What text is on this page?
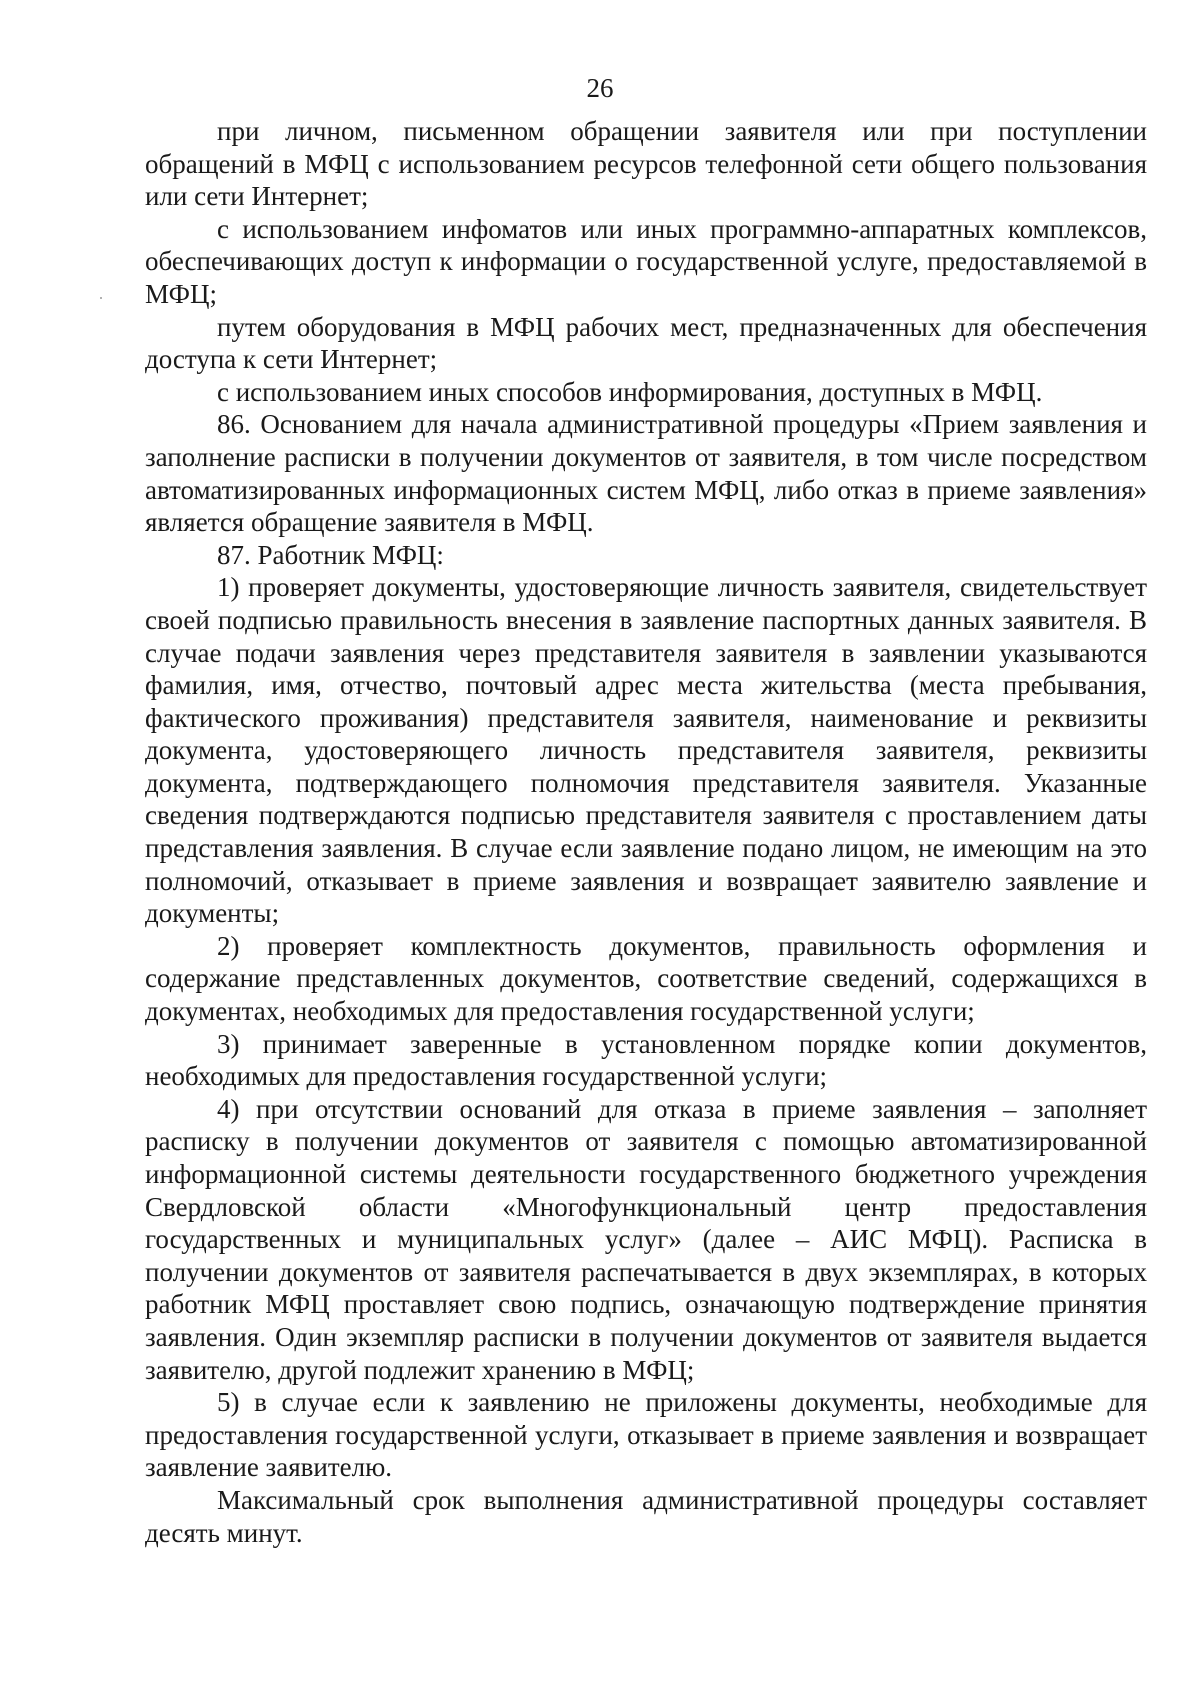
26

при личном, письменном обращении заявителя или при поступлении обращений в МФЦ с использованием ресурсов телефонной сети общего пользования или сети Интернет;

с использованием инфоматов или иных программно-аппаратных комплексов, обеспечивающих доступ к информации о государственной услуге, предоставляемой в МФЦ;

путем оборудования в МФЦ рабочих мест, предназначенных для обеспечения доступа к сети Интернет;

с использованием иных способов информирования, доступных в МФЦ.

86. Основанием для начала административной процедуры «Прием заявления и заполнение расписки в получении документов от заявителя, в том числе посредством автоматизированных информационных систем МФЦ, либо отказ в приеме заявления» является обращение заявителя в МФЦ.

87. Работник МФЦ:

1) проверяет документы, удостоверяющие личность заявителя, свидетельствует своей подписью правильность внесения в заявление паспортных данных заявителя. В случае подачи заявления через представителя заявителя в заявлении указываются фамилия, имя, отчество, почтовый адрес места жительства (места пребывания, фактического проживания) представителя заявителя, наименование и реквизиты документа, удостоверяющего личность представителя заявителя, реквизиты документа, подтверждающего полномочия представителя заявителя. Указанные сведения подтверждаются подписью представителя заявителя с проставлением даты представления заявления. В случае если заявление подано лицом, не имеющим на это полномочий, отказывает в приеме заявления и возвращает заявителю заявление и документы;

2) проверяет комплектность документов, правильность оформления и содержание представленных документов, соответствие сведений, содержащихся в документах, необходимых для предоставления государственной услуги;

3) принимает заверенные в установленном порядке копии документов, необходимых для предоставления государственной услуги;

4) при отсутствии оснований для отказа в приеме заявления – заполняет расписку в получении документов от заявителя с помощью автоматизированной информационной системы деятельности государственного бюджетного учреждения Свердловской области «Многофункциональный центр предоставления государственных и муниципальных услуг» (далее – АИС МФЦ). Расписка в получении документов от заявителя распечатывается в двух экземплярах, в которых работник МФЦ проставляет свою подпись, означающую подтверждение принятия заявления. Один экземпляр расписки в получении документов от заявителя выдается заявителю, другой подлежит хранению в МФЦ;

5) в случае если к заявлению не приложены документы, необходимые для предоставления государственной услуги, отказывает в приеме заявления и возвращает заявление заявителю.

Максимальный срок выполнения административной процедуры составляет десять минут.
